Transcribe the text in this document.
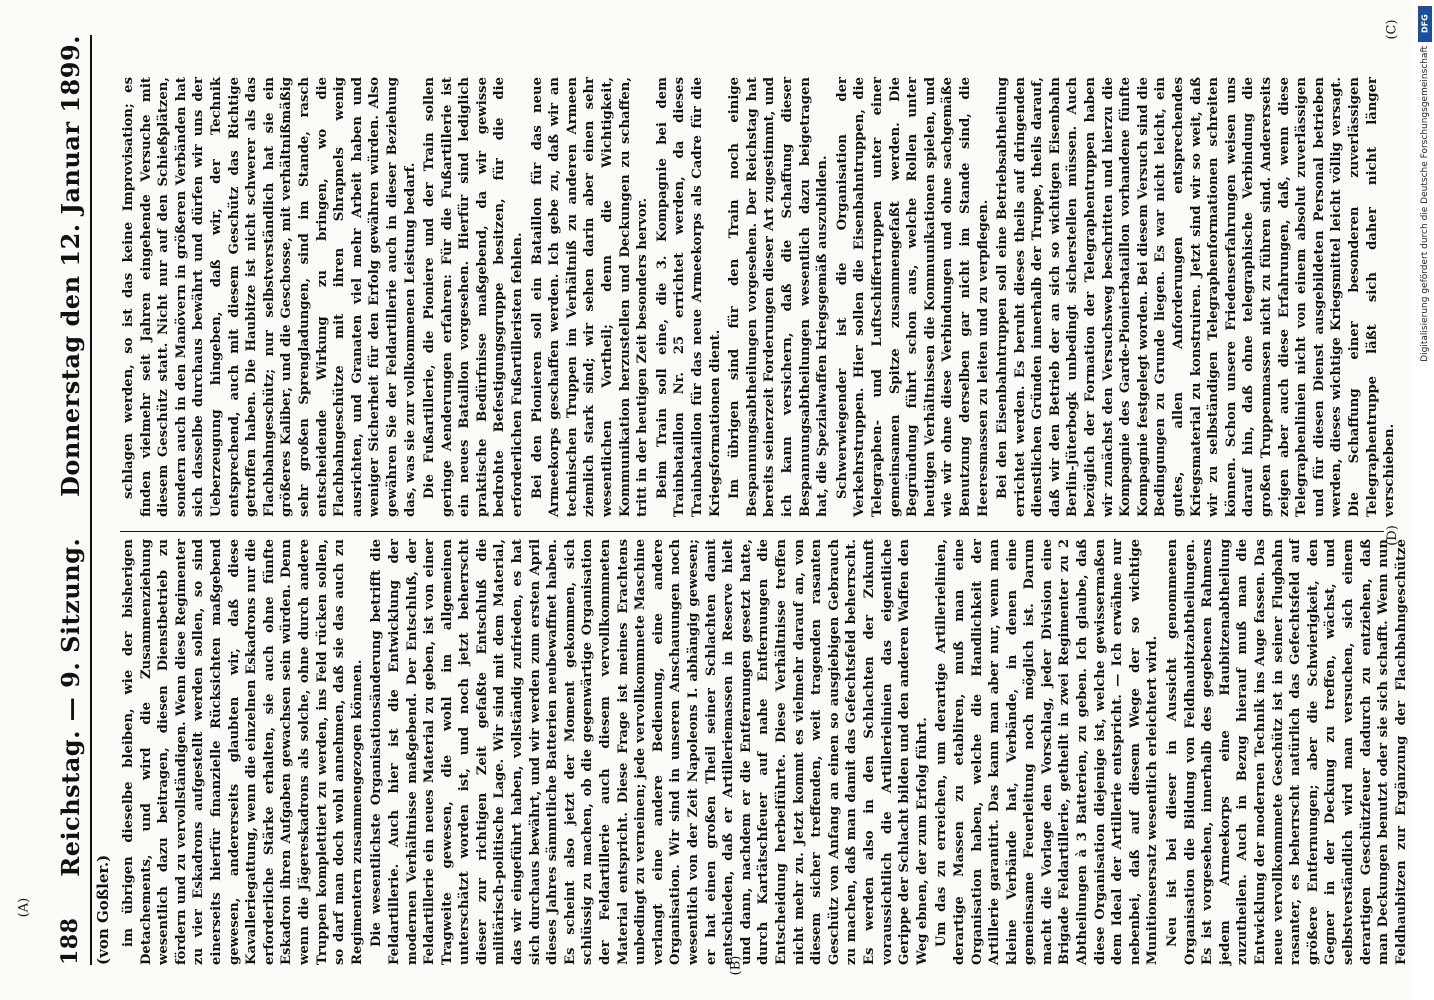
188
Reichstag. — 9. Sitzung.
Donnerstag den 12. Januar 1899.
(von Goßler.) im übrigen dieselbe bleiben, wie der bisherigen Detachements, und wird die Zusammenziehung wesentlich dazu beitragen, diesen Dienstbetrieb zu fördern und zu vervollständigen. Wenn diese Regimenter zu vier Eskadrons aufgestellt werden sollen, so sind einerseits hierfür finanzielle Rücksichten maßgebend gewesen, andererseits glaubten wir, daß diese Kavalleriegattung, wenn die einzelnen Eskadrons nur die erforderliche Stärke erhalten, sie auch ohne fünfte Eskadron ihren Aufgaben gewachsen sein würden. Denn wenn die Jägereskadrons als solche, ohne durch andere Truppen komplettiert zu werden, ins Feld rücken sollen, so darf man doch wohl annehmen, daß sie das auch zu Regimentern zusammengezogen können. Die wesentlichste Organisationsänderung betrifft die Feldartillerie. Auch hier ist die Entwicklung der modernen Verhältnisse maßgebend. Der Entschluß, der Feldartillerie ein neues Material zu geben, ist von einer Tragweite gewesen, die wohl im allgemeinen unterschätzt worden ist, und noch jetzt beherrscht dieser zur richtigen Zeit gefaßte Entschluß die militärisch-politische Lage. Wir sind mit dem Material, das wir eingeführt haben, vollständig zufrieden, es hat sich durchaus bewährt, und wir werden zum ersten April dieses Jahres sämmtliche Batterien neubewaffnet haben. Es scheint also jetzt der Moment gekommen, sich schlüssig zu machen, ob die gegenwärtige Organisation der Feldartillerie auch diesem vervollkommneten Material entspricht. Diese Frage ist meines Erachtens unbedingt zu verneinen; jede vervollkommnete Maschine verlangt eine andere Bedienung, eine andere Organisation. Wir sind in unseren Anschauungen noch wesentlich von der Zeit Napoleons I. abhängig gewesen; er hat einen großen Theil seiner Schlachten damit entschieden, daß er Artilleriemassen in Reserve hielt und dann, nachdem er die Entfernungen gesetzt hatte, durch Kartätschfeuer auf nahe Entfernungen die Entscheidung herbeiführte. Diese Verhältnisse treffen nicht mehr zu. Jetzt kommt es vielmehr darauf an, von diesem sicher treffenden, weit tragenden rasanten Geschütz von Anfang an einen so ausgiebigen Gebrauch zu machen, daß man damit das Gefechtsfeld beherrscht. Es werden also in den Schlachten der Zukunft voraussichtlich die Artillerielinien das eigentliche Gerippe der Schlacht bilden und den anderen Waffen den Weg ebnen, der zum Erfolg führt. Um das zu erreichen, um derartige Artillerielinien, derartige Massen zu etabliren, muß man eine Organisation haben, welche die Handlichkeit der Artillerie garantirt. Das kann man aber nur, wenn man kleine Verbände hat, Verbände, in denen eine gemeinsame Feuerleitung noch möglich ist. Darum macht die Vorlage den Vorschlag, jeder Division eine Brigade Feldartillerie, getheilt in zwei Regimenter zu 2 Abtheilungen à 3 Batterien, zu geben. Ich glaube, daß diese Organisation diejenige ist, welche gewissermaßen dem Ideal der Artillerie entspricht. — Ich erwähne nur nebenbei, daß auf diesem Wege der so wichtige Munitionsersatz wesentlich erleichtert wird. Neu ist bei dieser in Aussicht genommenen Organisation die Bildung von Feldhaubitzabtheilungen. Es ist vorgesehen, innerhalb des gegebenen Rahmens jedem Armeekorps eine Haubitzenabtheilung zuzutheilen. Auch in Bezug hierauf muß man die Entwicklung der modernen Technik ins Auge fassen. Das neue vervollkommnete Geschütz ist in seiner Flugbahn rasanter, es beherrscht natürlich das Gefechtsfeld auf größere Entfernungen; aber die Schwierigkeit, den Gegner in der Deckung zu treffen, wächst, und selbstverständlich wird man versuchen, sich einem derartigen Geschützfeuer dadurch zu entziehen, daß man Deckungen benutzt oder sie sich schafft. Wenn nun Feldhaubitzen zur Ergänzung der Flachbahngeschütze

schlagen werden, so ist das keine Improvisation; es finden vielmehr seit Jahren eingehende Versuche mit diesem Geschütz statt. Nicht nur auf den Schießplätzen, sondern auch in den Manövern in größeren Verbänden hat sich dasselbe durchaus bewährt und dürfen wir uns der Ueberzeugung hingeben, daß wir, der Technik entsprechend, auch mit diesem Geschütz das Richtige getroffen haben. Die Haubitze ist nicht schwerer als das Flachbahngeschütz; nur selbstverständlich hat sie ein größeres Kaliber, und die Geschosse, mit verhältnißmäßig sehr großen Sprengladungen, sind im Stande, rasch entscheidende Wirkung zu bringen, wo die Flachbahngeschütze mit ihren Shrapnels wenig ausrichten, und Granaten viel mehr Arbeit haben und weniger Sicherheit für den Erfolg gewähren würden. Also gewähren Sie der Feldartillerie auch in dieser Beziehung das, was sie zur vollkommenen Leistung bedarf. Die Fußartillerie, die Pioniere und der Train sollen geringe Aenderungen erfahren: Für die Fußartillerie ist ein neues Bataillon vorgesehen. Hierfür sind lediglich praktische Bedürfnisse maßgebend, da wir gewisse bedrohte Befestigungsgruppe besitzen, für die die erforderlichen Fußartilleristen fehlen. Bei den Pionieren soll ein Bataillon für das neue Armeekorps geschaffen werden. Ich gebe zu, daß wir an technischen Truppen im Verhältniß zu anderen Armeen ziemlich stark sind; wir sehen darin aber einen sehr wesentlichen Vortheil; denn die Wichtigkeit, Kommunikation herzustellen und Deckungen zu schaffen, tritt in der heutigen Zeit besonders hervor. Beim Train soll eine, die 3. Kompagnie bei dem Trainbataillon Nr. 25 errichtet werden, da dieses Trainbataillon für das neue Armeekorps als Cadre für die Kriegsformationen dient. Im übrigen sind für den Train noch einige Bespannungsabtheilungen vorgesehen. Der Reichstag hat bereits seinerzeit Forderungen dieser Art zugestimmt, und ich kann versichern, daß die Schaffung dieser Bespannungsabtheilungen wesentlich dazu beigetragen hat, die Spezialwaffen kriegsgemäß auszubilden. Schwerwiegender ist die Organisation der Verkehrstruppen. Hier sollen die Eisenbahntruppen, die Telegraphen- und Luftschiffertruppen unter einer gemeinsamen Spitze zusammengefaßt werden. Die Begründung führt schon aus, welche Rollen unter heutigen Verhältnissen die Kommunikationen spielen, und wie wir ohne diese Verbindungen und ohne sachgemäße Benutzung derselben gar nicht im Stande sind, die Heeresmassen zu leiten und zu verpflegen. Bei den Eisenbahntruppen soll eine Betriebsabtheilung errichtet werden. Es beruht dieses theils auf dringenden dienstlichen Gründen innerhalb der Truppe, theils darauf, daß wir den Betrieb der an sich so wichtigen Eisenbahn Berlin-Jüterbogk unbedingt sicherstellen müssen. Auch bezüglich der Formation der Telegraphentruppen haben wir zunächst den Versuchsweg beschritten und hierzu die Kompagnie des Garde-Pionierbataillon vorhandene fünfte Kompagnie festgelegt worden. Bei diesem Versuch sind die Bedingungen zu Grunde liegen. Es war nicht leicht, ein gutes, allen Anforderungen entsprechendes Kriegsmaterial zu konstruiren. Jetzt sind wir so weit, daß wir zu selbständigen Telegraphenformationen schreiten können. Schon unsere Friedenserfahrungen weisen uns darauf hin, daß ohne telegraphische Verbindung die großen Truppenmassen nicht zu führen sind. Andererseits zeigen aber auch diese Erfahrungen, daß, wenn diese Telegraphenlinien nicht von einem absolut zuverlässigen und für diesen Dienst ausgebildeten Personal betrieben werden, dieses wichtige Kriegsmittel leicht völlig versagt. Die Schaffung einer besonderen zuverlässigen Telegraphentruppe läßt sich daher nicht länger verschieben.

(A)
(B)
(C)
(D)
DFG
Digitalisierung gefördert durch die Deutsche Forschungsgemeinschaft
